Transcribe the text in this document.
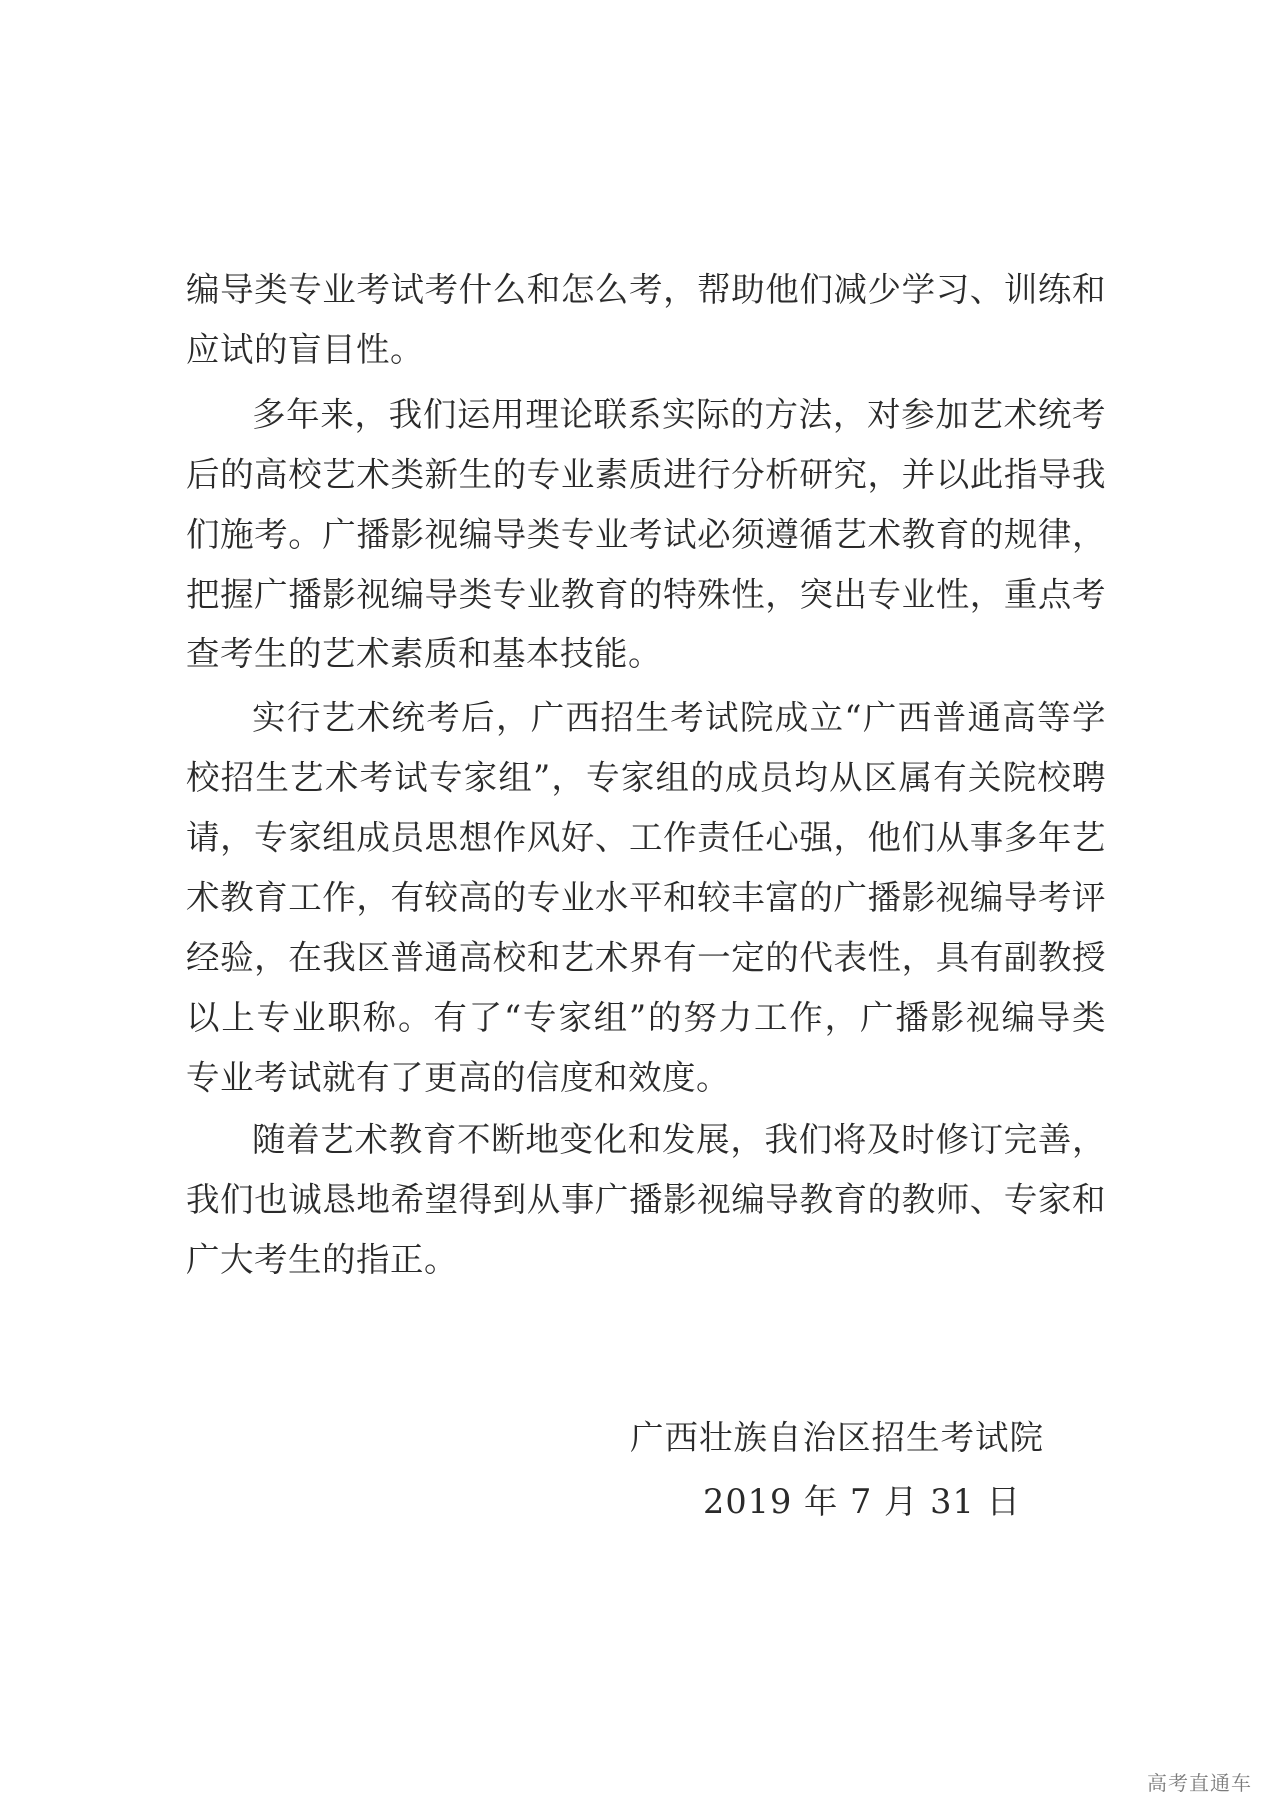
编导类专业考试考什么和怎么考，帮助他们减少学习、训练和
应试的盲目性。
多年来，我们运用理论联系实际的方法，对参加艺术统考
后的高校艺术类新生的专业素质进行分析研究，并以此指导我
们施考。广播影视编导类专业考试必须遵循艺术教育的规律，
把握广播影视编导类专业教育的特殊性，突出专业性，重点考
查考生的艺术素质和基本技能。
实行艺术统考后，广西招生考试院成立“广西普通高等学
校招生艺术考试专家组”，专家组的成员均从区属有关院校聘
请，专家组成员思想作风好、工作责任心强，他们从事多年艺
术教育工作，有较高的专业水平和较丰富的广播影视编导考评
经验，在我区普通高校和艺术界有一定的代表性，具有副教授
以上专业职称。有了“专家组”的努力工作，广播影视编导类
专业考试就有了更高的信度和效度。
随着艺术教育不断地变化和发展，我们将及时修订完善，
我们也诚恳地希望得到从事广播影视编导教育的教师、专家和
广大考生的指正。
广西壮族自治区招生考试院
2019 年 7 月 31 日
高考直通车
